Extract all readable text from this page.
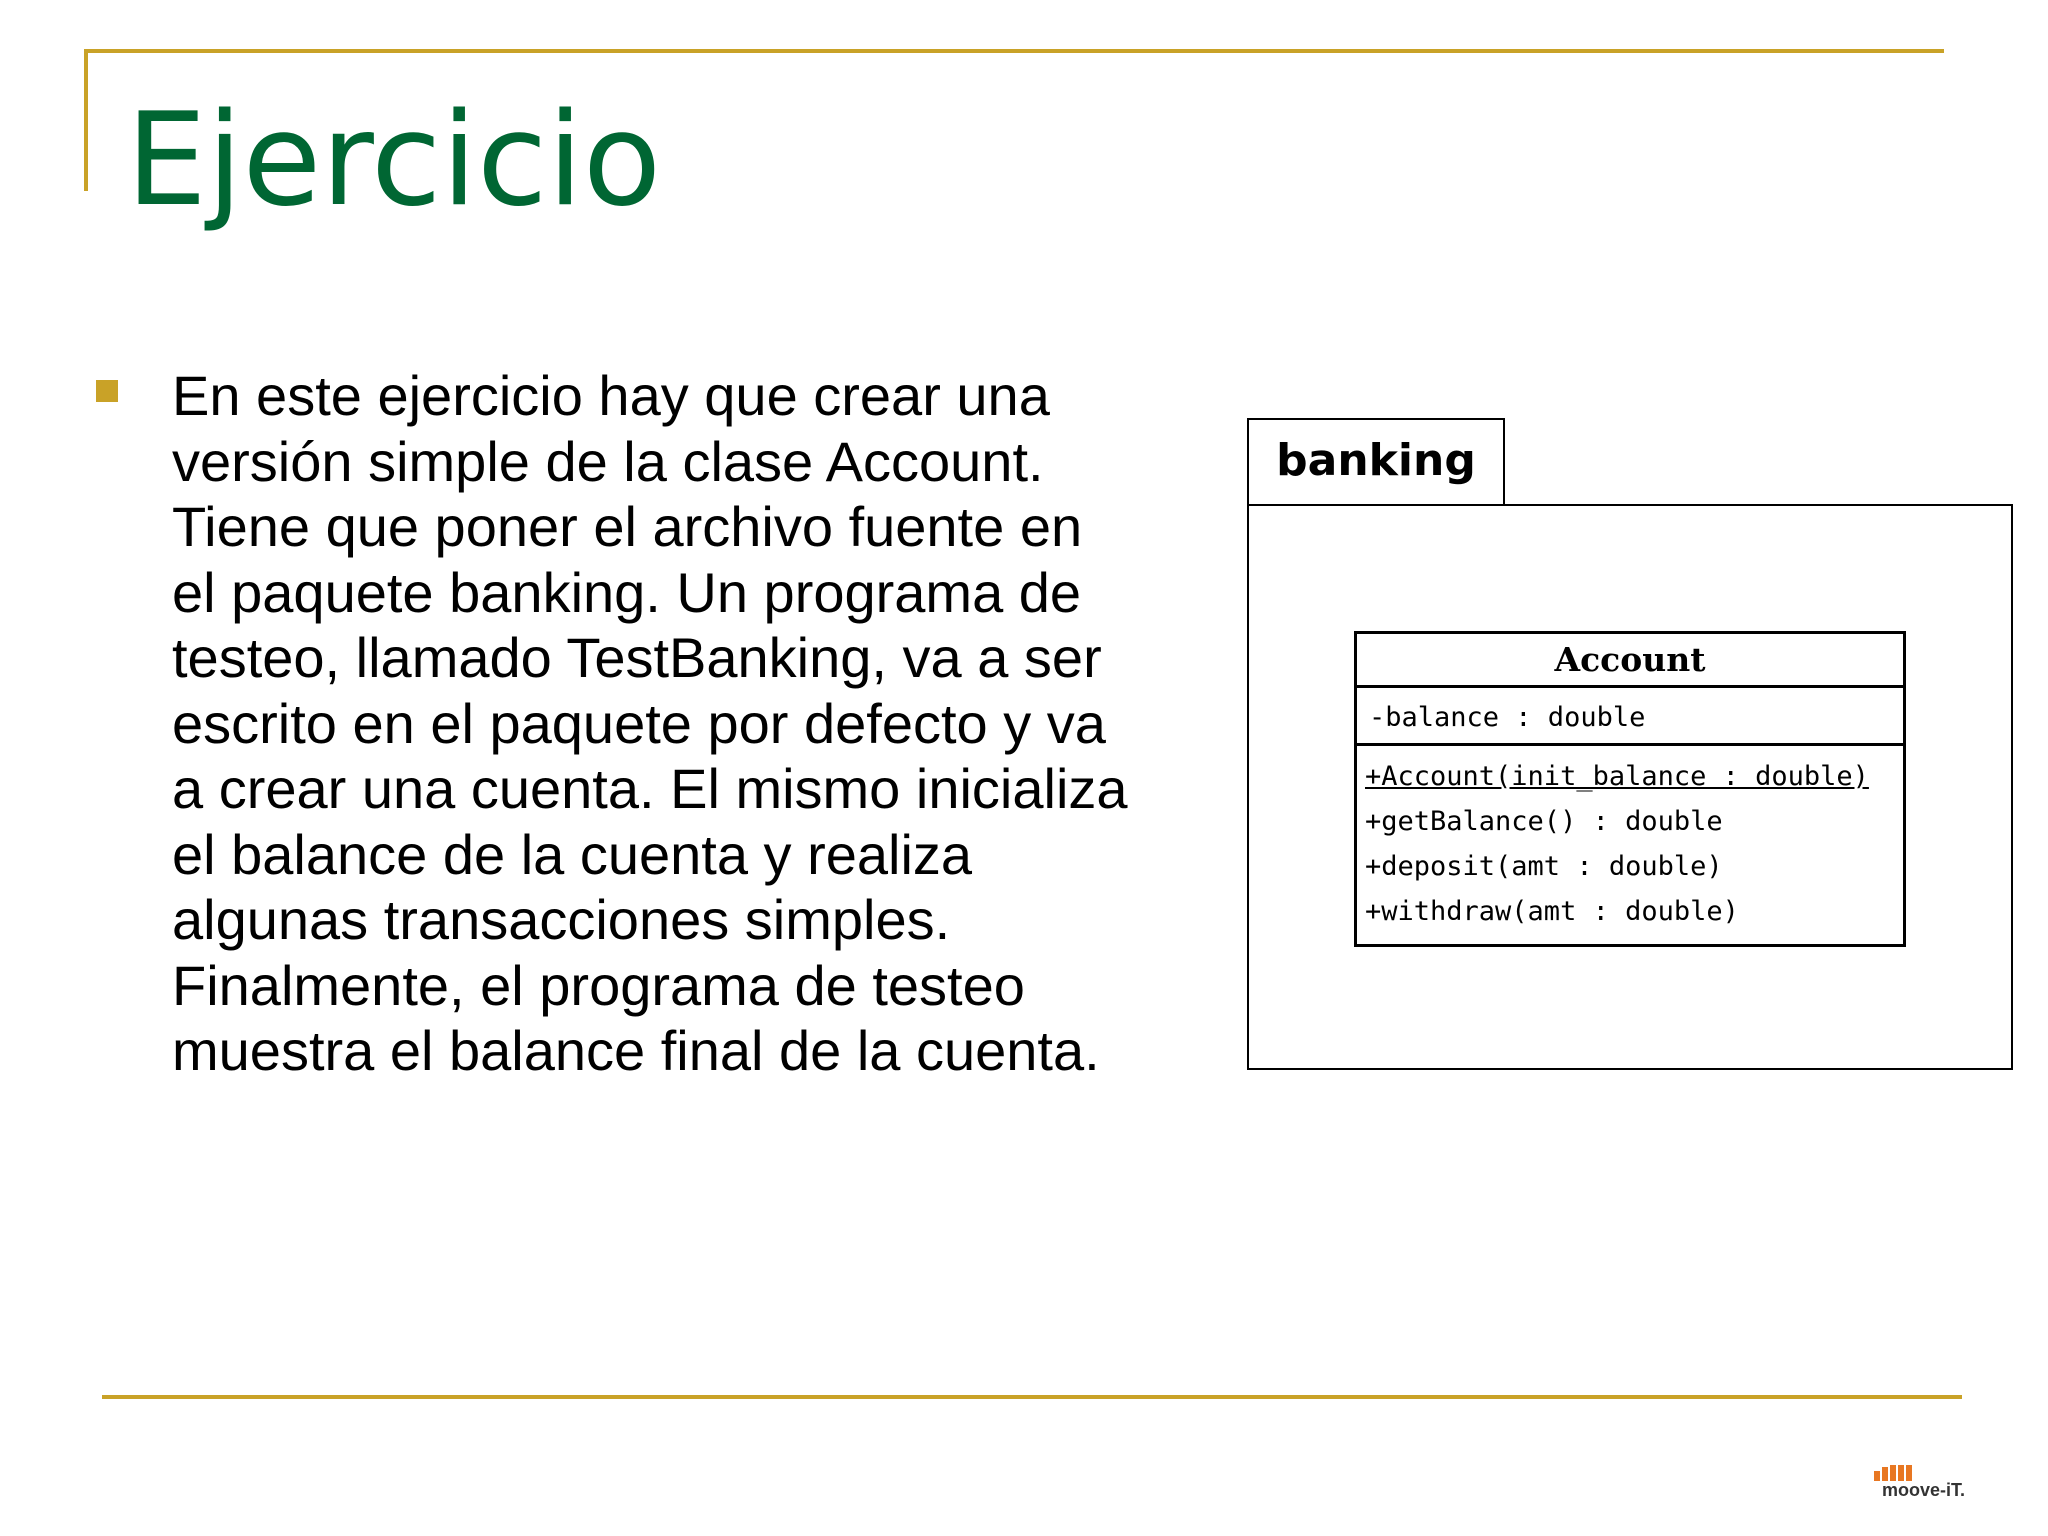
Ejercicio

En este ejercicio hay que crear una
versión simple de la clase Account.
Tiene que poner el archivo fuente en
el paquete banking. Un programa de
testeo, llamado TestBanking, va a ser
escrito en el paquete por defecto y va
a crear una cuenta. El mismo inicializa
el balance de la cuenta y realiza
algunas transacciones simples.
Finalmente, el programa de testeo
muestra el balance final de la cuenta.

banking
Account
-balance : double
+Account(init_balance : double)
+getBalance() : double
+deposit(amt : double)
+withdraw(amt : double)
moove-iT.
